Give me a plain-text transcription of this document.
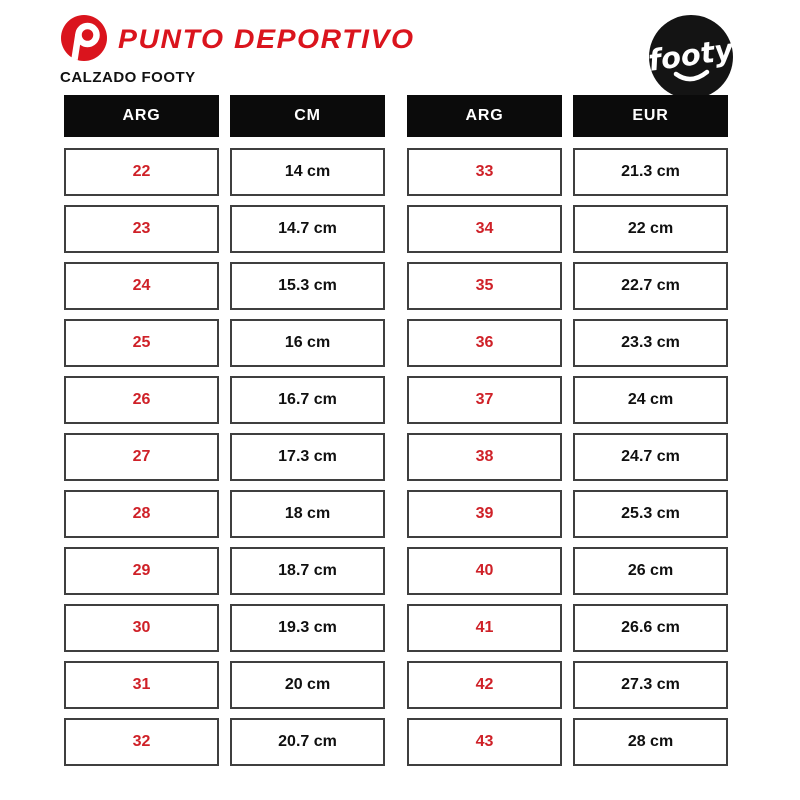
PUNTO DEPORTIVO
CALZADO FOOTY	footy
ARG	CM
22	14 cm
23	14.7 cm
24	15.3 cm
25	16 cm
26	16.7 cm
27	17.3 cm
28	18 cm
29	18.7 cm
30	19.3 cm
31	20 cm
32	20.7 cm
ARG	EUR
33	21.3 cm
34	22 cm
35	22.7 cm
36	23.3 cm
37	24 cm
38	24.7 cm
39	25.3 cm
40	26 cm
41	26.6 cm
42	27.3 cm
43	28 cm
